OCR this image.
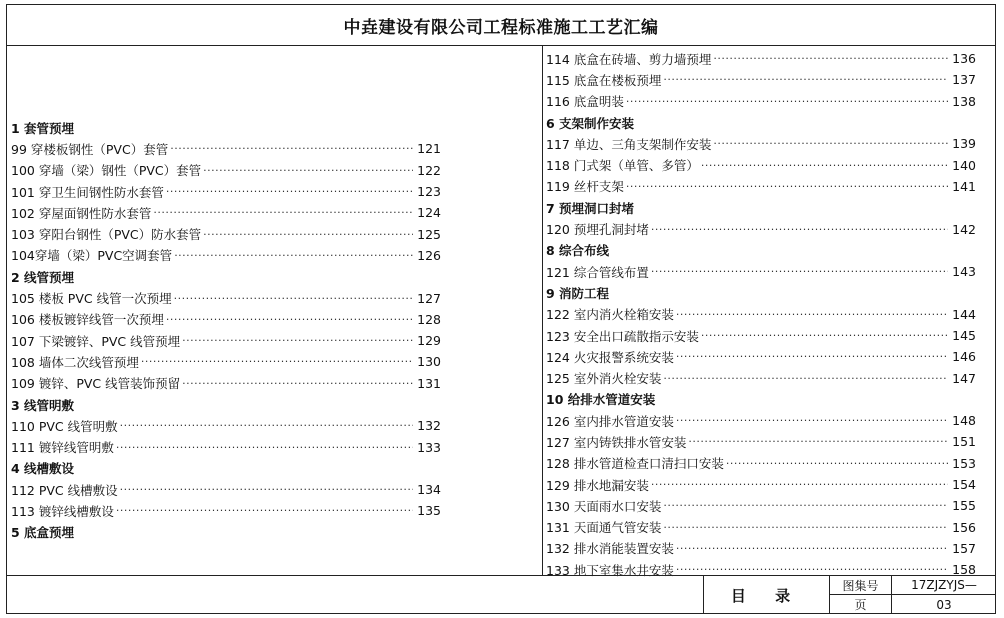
中垚建设有限公司工程标准施工工艺汇编
1 套管预埋
99 穿楼板钢性（PVC）套管 ·····	121
100 穿墙（梁）钢性（PVC）套管 ·····	122
101 穿卫生间钢性防水套管 ·····	123
102 穿屋面钢性防水套管 ·····	124
103 穿阳台钢性（PVC）防水套管 ·····	125
104穿墙（梁）PVC空调套管 ·····	126
2 线管预埋
105 楼板 PVC 线管一次预埋 ·····	127
106 楼板镀锌线管一次预埋 ·····	128
107 下梁镀锌、PVC 线管预埋 ·····	129
108 墙体二次线管预埋 ·····	130
109 镀锌、PVC 线管装饰预留 ·····	131
3 线管明敷
110 PVC 线管明敷 ·····	132
111 镀锌线管明敷 ·····	133
4 线槽敷设
112 PVC 线槽敷设 ·····	134
113 镀锌线槽敷设 ·····	135
5 底盒预埋
114 底盒在砖墙、剪力墙预埋 ·····	136
115 底盒在楼板预埋 ·····	137
116 底盒明装 ·····	138
6 支架制作安装
117 单边、三角支架制作安装 ·····	139
118 门式架（单管、多管） ·····	140
119 丝杆支架 ·····	141
7 预埋洞口封堵
120 预埋孔洞封堵 ·····	142
8 综合布线
121 综合管线布置 ·····	143
9 消防工程
122 室内消火栓箱安装 ·····	144
123 安全出口疏散指示安装 ·····	145
124 火灾报警系统安装 ·····	146
125 室外消火栓安装 ·····	147
10 给排水管道安装
126 室内排水管道安装 ·····	148
127 室内铸铁排水管安装 ·····	151
128 排水管道检查口清扫口安装 ·····	153
129 排水地漏安装 ·····	154
130 天面雨水口安装 ·····	155
131 天面通气管安装 ·····	156
132 排水消能装置安装 ·····	157
133 地下室集水井安装 ·····	158
目 录
图集号	17ZJZYJS—
页	03
